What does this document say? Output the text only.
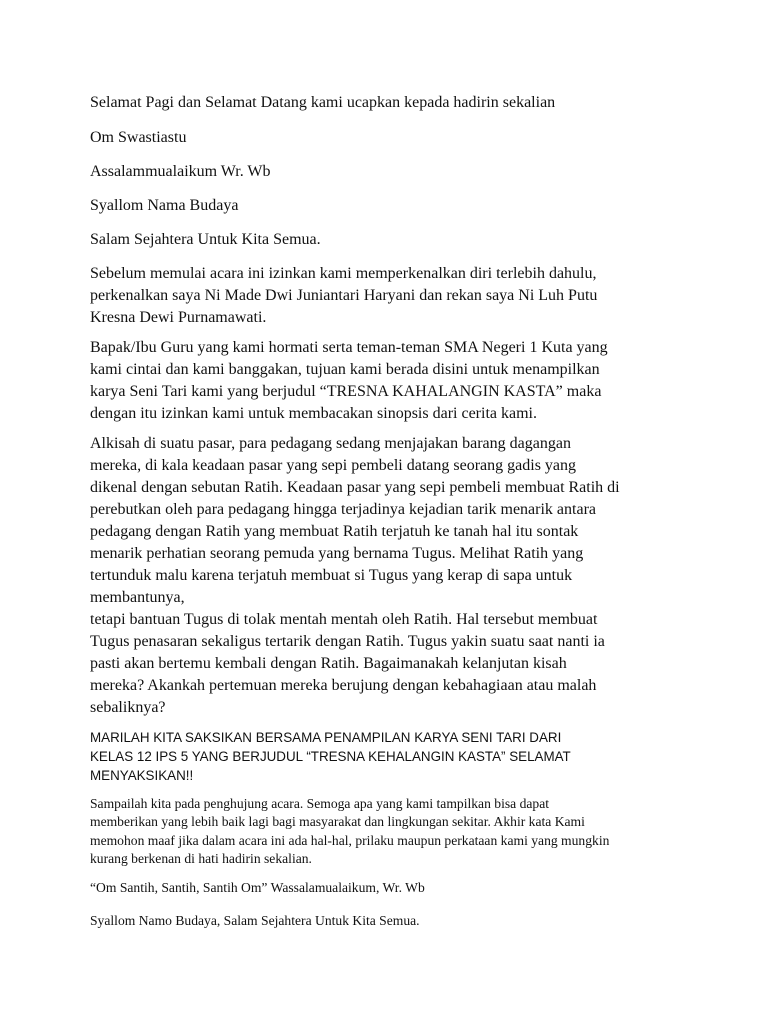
Selamat Pagi dan Selamat Datang kami ucapkan kepada hadirin sekalian

Om Swastiastu

Assalammualaikum Wr. Wb

Syallom Nama Budaya

Salam Sejahtera Untuk Kita Semua.

Sebelum memulai acara ini izinkan kami memperkenalkan diri terlebih dahulu,
perkenalkan saya Ni Made Dwi Juniantari Haryani dan rekan saya Ni Luh Putu
Kresna Dewi Purnamawati.

Bapak/Ibu Guru yang kami hormati serta teman-teman SMA Negeri 1 Kuta yang
kami cintai dan kami banggakan, tujuan kami berada disini untuk menampilkan
karya Seni Tari kami yang berjudul “TRESNA KAHALANGIN KASTA” maka
dengan itu izinkan kami untuk membacakan sinopsis dari cerita kami.

Alkisah di suatu pasar, para pedagang sedang menjajakan barang dagangan
mereka, di kala keadaan pasar yang sepi pembeli datang seorang gadis yang
dikenal dengan sebutan Ratih. Keadaan pasar yang sepi pembeli membuat Ratih di
perebutkan oleh para pedagang hingga terjadinya kejadian tarik menarik antara
pedagang dengan Ratih yang membuat Ratih terjatuh ke tanah hal itu sontak
menarik perhatian seorang pemuda yang bernama Tugus. Melihat Ratih yang
tertunduk malu karena terjatuh membuat si Tugus yang kerap di sapa untuk
membantunya,

tetapi bantuan Tugus di tolak mentah mentah oleh Ratih. Hal tersebut membuat
Tugus penasaran sekaligus tertarik dengan Ratih. Tugus yakin suatu saat nanti ia
pasti akan bertemu kembali dengan Ratih. Bagaimanakah kelanjutan kisah
mereka? Akankah pertemuan mereka berujung dengan kebahagiaan atau malah
sebaliknya?

MARILAH KITA SAKSIKAN BERSAMA PENAMPILAN KARYA SENI TARI DARI
KELAS 12 IPS 5 YANG BERJUDUL “TRESNA KEHALANGIN KASTA” SELAMAT
MENYAKSIKAN!!

Sampailah kita pada penghujung acara. Semoga apa yang kami tampilkan bisa dapat
memberikan yang lebih baik lagi bagi masyarakat dan lingkungan sekitar. Akhir kata Kami
memohon maaf jika dalam acara ini ada hal-hal, prilaku maupun perkataan kami yang mungkin
kurang berkenan di hati hadirin sekalian.

“Om Santih, Santih, Santih Om” Wassalamualaikum, Wr. Wb

Syallom Namo Budaya, Salam Sejahtera Untuk Kita Semua.
